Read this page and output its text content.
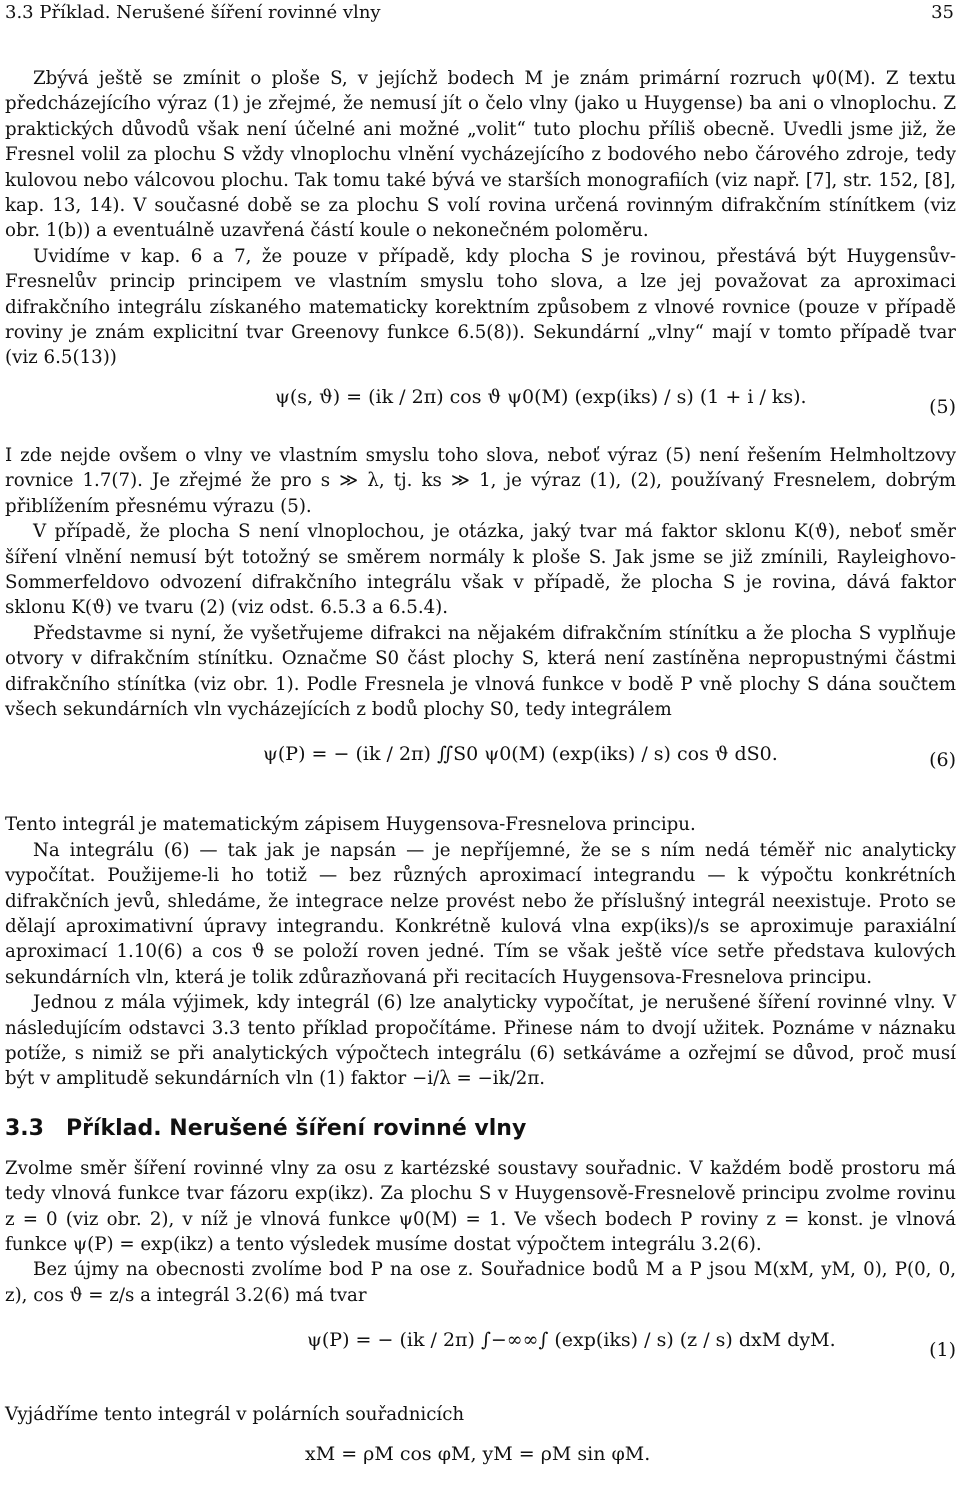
3.3 Příklad. Nerušené šíření rovinné vlny	35

Zbývá ještě se zmínit o ploše S, v jejíchž bodech M je znám primární rozruch ψ0(M). Z textu předcházejícího výraz (1) je zřejmé, že nemusí jít o čelo vlny (jako u Huygense) ba ani o vlnoplochu. Z praktických důvodů však není účelné ani možné „volit“ tuto plochu příliš obecně. Uvedli jsme již, že Fresnel volil za plochu S vždy vlnoplochu vlnění vycházejícího z bodového nebo čárového zdroje, tedy kulovou nebo válcovou plochu. Tak tomu také bývá ve starších monografiích (viz např. [7], str. 152, [8], kap. 13, 14). V současné době se za plochu S volí rovina určená rovinným difrakčním stínítkem (viz obr. 1(b)) a eventuálně uzavřená částí koule o nekonečném poloměru.

Uvidíme v kap. 6 a 7, že pouze v případě, kdy plocha S je rovinou, přestává být Huygensův-Fresnelův princip principem ve vlastním smyslu toho slova, a lze jej považovat za aproximaci difrakčního integrálu získaného matematicky korektním způsobem z vlnové rovnice (pouze v případě roviny je znám explicitní tvar Greenovy funkce 6.5(8)). Sekundární „vlny“ mají v tomto případě tvar (viz 6.5(13))

ψ(s, ϑ) = (ik / 2π) cos ϑ ψ0(M) (exp(iks) / s) (1 + i / ks).	(5)

I zde nejde ovšem o vlny ve vlastním smyslu toho slova, neboť výraz (5) není řešením Helmholtzovy rovnice 1.7(7). Je zřejmé že pro s ≫ λ, tj. ks ≫ 1, je výraz (1), (2), používaný Fresnelem, dobrým přiblížením přesnému výrazu (5).

V případě, že plocha S není vlnoplochou, je otázka, jaký tvar má faktor sklonu K(ϑ), neboť směr šíření vlnění nemusí být totožný se směrem normály k ploše S. Jak jsme se již zmínili, Rayleighovo-Sommerfeldovo odvození difrakčního integrálu však v případě, že plocha S je rovina, dává faktor sklonu K(ϑ) ve tvaru (2) (viz odst. 6.5.3 a 6.5.4).

Představme si nyní, že vyšetřujeme difrakci na nějakém difrakčním stínítku a že plocha S vyplňuje otvory v difrakčním stínítku. Označme S0 část plochy S, která není zastíněna nepropustnými částmi difrakčního stínítka (viz obr. 1). Podle Fresnela je vlnová funkce v bodě P vně plochy S dána součtem všech sekundárních vln vycházejících z bodů plochy S0, tedy integrálem

ψ(P) = − (ik / 2π) ∬S0 ψ0(M) (exp(iks) / s) cos ϑ dS0.	(6)

Tento integrál je matematickým zápisem Huygensova-Fresnelova principu.

Na integrálu (6) — tak jak je napsán — je nepříjemné, že se s ním nedá téměř nic analyticky vypočítat. Použijeme-li ho totiž — bez různých aproximací integrandu — k výpočtu konkrétních difrakčních jevů, shledáme, že integrace nelze provést nebo že příslušný integrál neexistuje. Proto se dělají aproximativní úpravy integrandu. Konkrétně kulová vlna exp(iks)/s se aproximuje paraxiální aproximací 1.10(6) a cos ϑ se položí roven jedné. Tím se však ještě více setře představa kulových sekundárních vln, která je tolik zdůrazňovaná při recitacích Huygensova-Fresnelova principu.

Jednou z mála výjimek, kdy integrál (6) lze analyticky vypočítat, je nerušené šíření rovinné vlny. V následujícím odstavci 3.3 tento příklad propočítáme. Přinese nám to dvojí užitek. Poznáme v náznaku potíže, s nimiž se při analytických výpočtech integrálu (6) setkáváme a ozřejmí se důvod, proč musí být v amplitudě sekundárních vln (1) faktor −i/λ = −ik/2π.

3.3 Příklad. Nerušené šíření rovinné vlny

Zvolme směr šíření rovinné vlny za osu z kartézské soustavy souřadnic. V každém bodě prostoru má tedy vlnová funkce tvar fázoru exp(ikz). Za plochu S v Huygensově-Fresnelově principu zvolme rovinu z = 0 (viz obr. 2), v níž je vlnová funkce ψ0(M) = 1. Ve všech bodech P roviny z = konst. je vlnová funkce ψ(P) = exp(ikz) a tento výsledek musíme dostat výpočtem integrálu 3.2(6).

Bez újmy na obecnosti zvolíme bod P na ose z. Souřadnice bodů M a P jsou M(xM, yM, 0), P(0, 0, z), cos ϑ = z/s a integrál 3.2(6) má tvar

ψ(P) = − (ik / 2π) ∫−∞∞∫ (exp(iks) / s) (z / s) dxM dyM.	(1)

Vyjádříme tento integrál v polárních souřadnicích

xM = ρM cos φM, yM = ρM sin φM.
